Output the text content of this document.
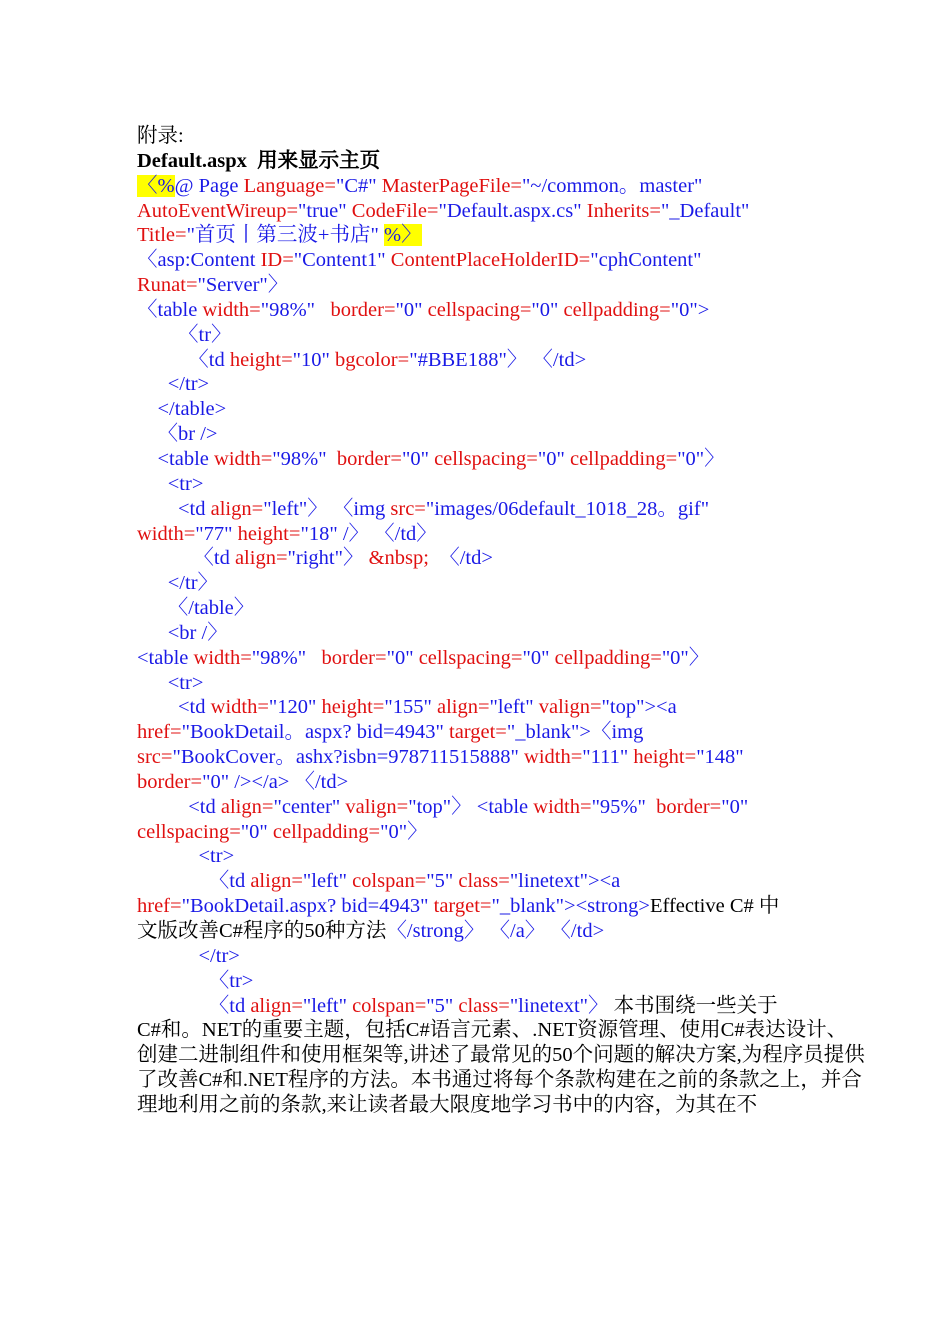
附录:
Default.aspx  用来显示主页
〈%@ Page Language="C#" MasterPageFile="~/common。master"
AutoEventWireup="true" CodeFile="Default.aspx.cs" Inherits="_Default"
Title="首页丨第三波+书店" %〉
〈asp:Content ID="Content1" ContentPlaceHolderID="cphContent"
Runat="Server"〉
〈table width="98%"   border="0" cellspacing="0" cellpadding="0">
〈tr〉
〈td height="10" bgcolor="#BBE188"〉 〈/td>
</tr>
</table>
〈br />
<table width="98%"  border="0" cellspacing="0" cellpadding="0"〉
<tr>
<td align="left"〉 〈img src="images/06default_1018_28。gif"
width="77" height="18" /〉 〈/td〉
〈td align="right"〉 &nbsp;  〈/td>
</tr〉
〈/table〉
<br /〉
<table width="98%"   border="0" cellspacing="0" cellpadding="0"〉
<tr>
<td width="120" height="155" align="left" valign="top"><a
href="BookDetail。aspx? bid=4943" target="_blank">〈img
src="BookCover。ashx?isbn=978711515888" width="111" height="148"
border="0" /></a> 〈/td>
<td align="center" valign="top"〉 <table width="95%"  border="0"
cellspacing="0" cellpadding="0"〉
<tr>
〈td align="left" colspan="5" class="linetext"><a
href="BookDetail.aspx? bid=4943" target="_blank"><strong>Effective C# 中
文版改善C#程序的50种方法〈/strong〉 〈/a〉 〈/td>
</tr>
〈tr>
〈td align="left" colspan="5" class="linetext"〉 本书围绕一些关于
C#和。NET的重要主题，包括C#语言元素、.NET资源管理、使用C#表达设计、创建二进制组件和使用框架等,讲述了最常见的50个问题的解决方案,为程序员提供了改善C#和.NET程序的方法。本书通过将每个条款构建在之前的条款之上，并合理地利用之前的条款,来让读者最大限度地学习书中的内容，为其在不
